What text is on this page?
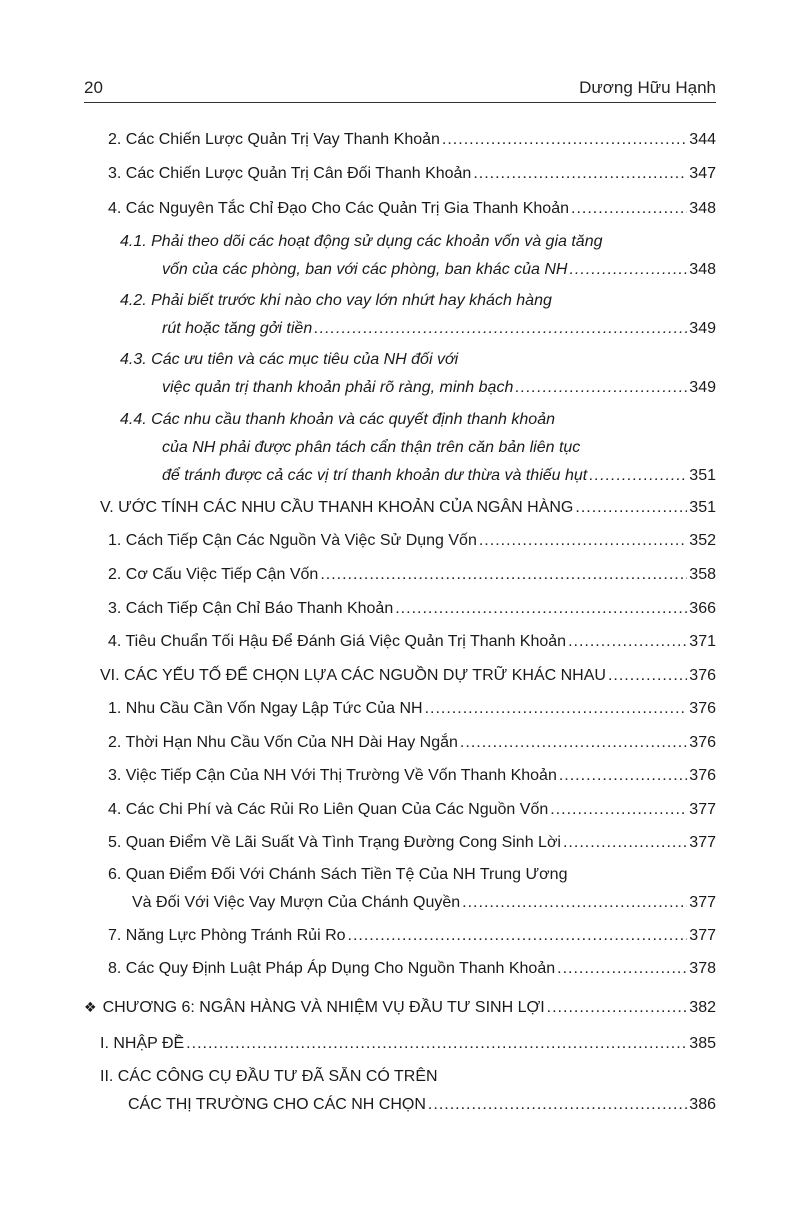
20	Dương Hữu Hạnh
2. Các Chiến Lược Quản Trị Vay Thanh Khoản .....	344
3. Các Chiến Lược Quản Trị Cân Đối Thanh Khoản .....	347
4. Các Nguyên Tắc Chỉ Đạo Cho Các Quản Trị Gia Thanh Khoản .....	348
4.1. Phải theo dõi các hoạt động sử dụng các khoản vốn và gia tăng
vốn của các phòng, ban với các phòng, ban khác của NH .....	348
4.2. Phải biết trước khi nào cho vay lớn nhứt hay khách hàng
rút hoặc tăng gởi tiền .....	349
4.3. Các ưu tiên và các mục tiêu của NH đối với
việc quản trị thanh khoản phải rõ ràng, minh bạch .....	349
4.4. Các nhu cầu thanh khoản và các quyết định thanh khoản
của NH phải được phân tách cẩn thận trên căn bản liên tục
để tránh được cả các vị trí thanh khoản dư thừa và thiếu hụt .....	351
V. ƯỚC TÍNH CÁC NHU CẦU THANH KHOẢN CỦA NGÂN HÀNG .....	351
1. Cách Tiếp Cận Các Nguồn Và Việc Sử Dụng Vốn .....	352
2. Cơ Cấu Việc Tiếp Cận Vốn .....	358
3. Cách Tiếp Cận Chỉ Báo Thanh Khoản .....	366
4. Tiêu Chuẩn Tối Hậu Để Đánh Giá Việc Quản Trị Thanh Khoản .....	371
VI. CÁC YẾU TỐ ĐỂ CHỌN LỰA CÁC NGUỒN DỰ TRỮ KHÁC NHAU .....	376
1. Nhu Cầu Cần Vốn Ngay Lập Tức Của NH .....	376
2. Thời Hạn Nhu Cầu Vốn Của NH Dài Hay Ngắn .....	376
3. Việc Tiếp Cận Của NH Với Thị Trường Về Vốn Thanh Khoản .....	376
4. Các Chi Phí và Các Rủi Ro Liên Quan Của Các Nguồn Vốn .....	377
5. Quan Điểm Về Lãi Suất Và Tình Trạng Đường Cong Sinh Lời .....	377
6. Quan Điểm Đối Với Chánh Sách Tiền Tệ Của NH Trung Ương
Và Đối Với Việc Vay Mượn Của Chánh Quyền .....	377
7. Năng Lực Phòng Tránh Rủi Ro .....	377
8. Các Quy Định Luật Pháp Áp Dụng Cho Nguồn Thanh Khoản .....	378
❖ CHƯƠNG 6: NGÂN HÀNG VÀ NHIỆM VỤ ĐẦU TƯ SINH LỢI .....	382
I. NHẬP ĐỀ .....	385
II. CÁC CÔNG CỤ ĐẦU TƯ ĐÃ SẴN CÓ TRÊN
CÁC THỊ TRƯỜNG CHO CÁC NH CHỌN .....	386
